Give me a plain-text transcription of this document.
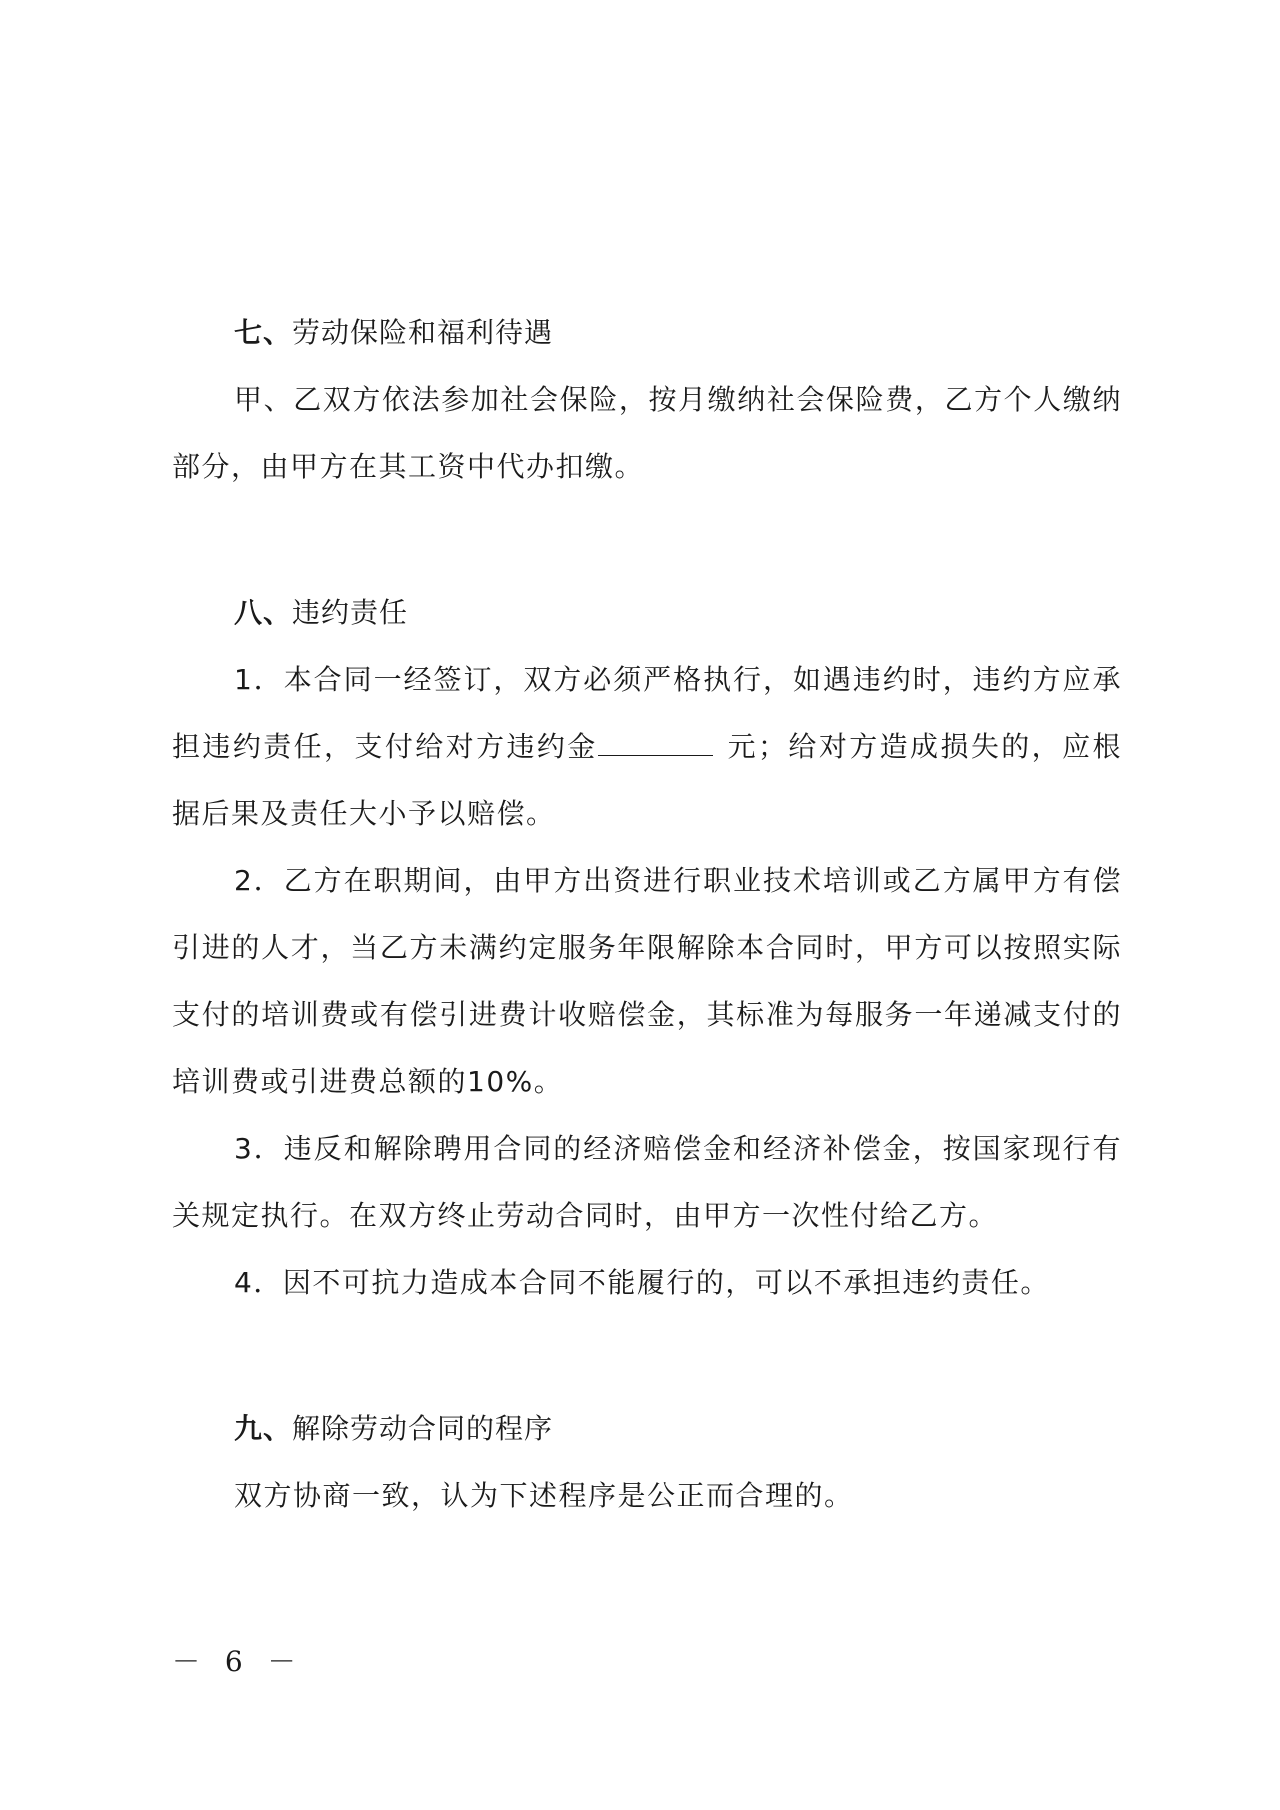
七、劳动保险和福利待遇

甲、乙双方依法参加社会保险，按月缴纳社会保险费，乙方个人缴纳部分，由甲方在其工资中代办扣缴。

八、违约责任

1．本合同一经签订，双方必须严格执行，如遇违约时，违约方应承担违约责任，支付给对方违约金	元；给对方造成损失的，应根据后果及责任大小予以赔偿。

2．乙方在职期间，由甲方出资进行职业技术培训或乙方属甲方有偿引进的人才，当乙方未满约定服务年限解除本合同时，甲方可以按照实际支付的培训费或有偿引进费计收赔偿金，其标准为每服务一年递减支付的培训费或引进费总额的10%。

3．违反和解除聘用合同的经济赔偿金和经济补偿金，按国家现行有关规定执行。在双方终止劳动合同时，由甲方一次性付给乙方。

4．因不可抗力造成本合同不能履行的，可以不承担违约责任。

九、解除劳动合同的程序

双方协商一致，认为下述程序是公正而合理的。

－ 6 －
